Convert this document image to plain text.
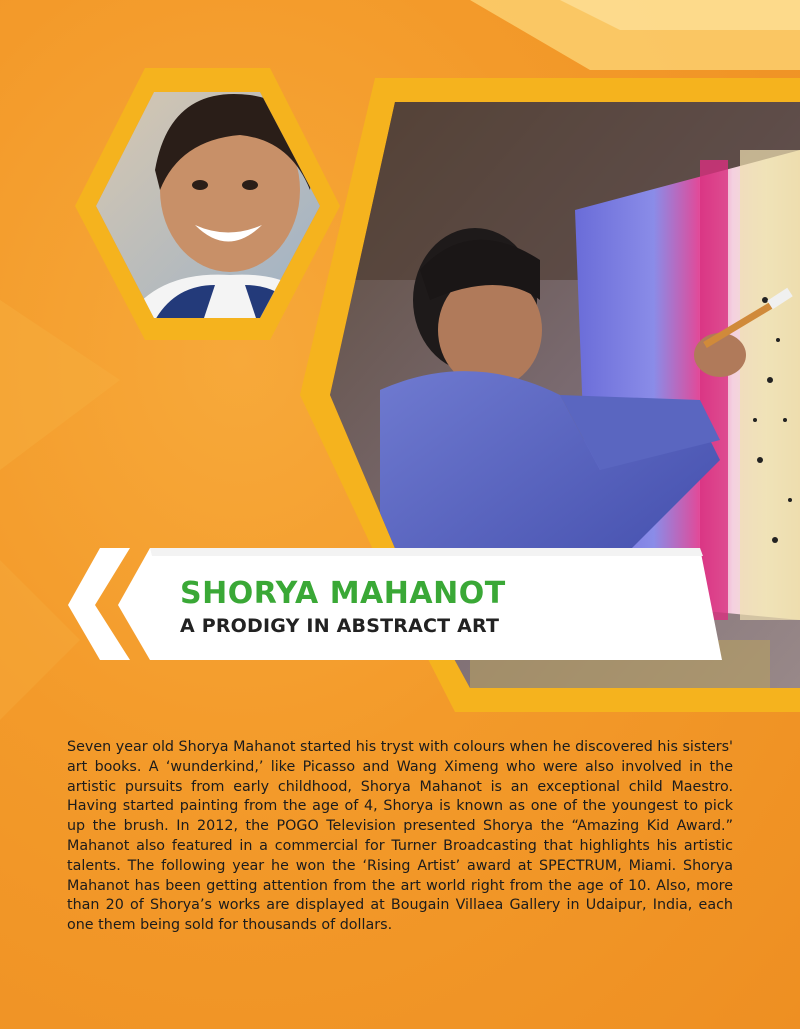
SHORYA MAHANOT
A PRODIGY IN ABSTRACT ART

Seven year old Shorya Mahanot started his tryst with colours when he discovered his sisters' art books. A ‘wunderkind,’ like Picasso and Wang Ximeng who were also involved in the artistic pursuits from early childhood, Shorya Mahanot is an exceptional child Maestro. Having started painting from the age of 4, Shorya is known as one of the youngest to pick up the brush. In 2012, the POGO Television presented Shorya the “Amazing Kid Award.” Mahanot also featured in a commercial for Turner Broadcasting that highlights his artistic talents. The following year he won the ‘Rising Artist’ award at SPECTRUM, Miami. Shorya Mahanot has been getting attention from the art world right from the age of 10. Also, more than 20 of Shorya’s works are displayed at Bougain Villaea Gallery in Udaipur, India, each one them being sold for thousands of dollars.
